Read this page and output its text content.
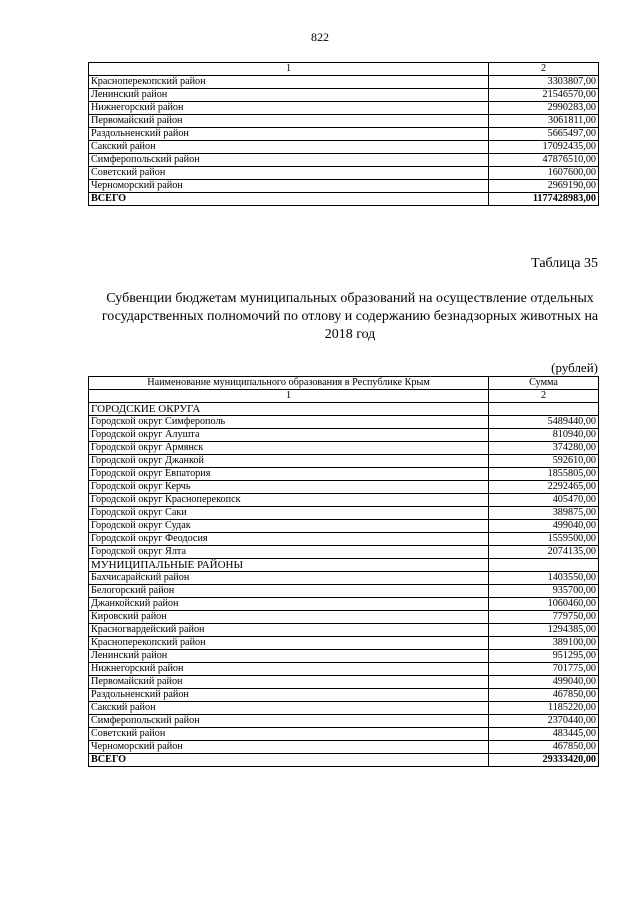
822
1	2
Красноперекопский район	3303807,00
Ленинский район	21546570,00
Нижнегорский район	2990283,00
Первомайский район	3061811,00
Раздольненский район	5665497,00
Сакский район	17092435,00
Симферопольский район	47876510,00
Советский район	1607600,00
Черноморский район	2969190,00
ВСЕГО	1177428983,00
Таблица 35
Субвенции бюджетам муниципальных образований на осуществление отдельных государственных полномочий по отлову и содержанию безнадзорных животных на 2018 год
(рублей)
Наименование муниципального образования в Республике Крым	Сумма
1	2
ГОРОДСКИЕ ОКРУГА	
Городской округ Симферополь	5489440,00
Городской округ Алушта	810940,00
Городской округ Армянск	374280,00
Городской округ Джанкой	592610,00
Городской округ Евпатория	1855805,00
Городской округ Керчь	2292465,00
Городской округ Красноперекопск	405470,00
Городской округ Саки	389875,00
Городской округ Судак	499040,00
Городской округ Феодосия	1559500,00
Городской округ Ялта	2074135,00
МУНИЦИПАЛЬНЫЕ РАЙОНЫ	
Бахчисарайский район	1403550,00
Белогорский район	935700,00
Джанкойский район	1060460,00
Кировский район	779750,00
Красногвардейский район	1294385,00
Красноперекопский район	389100,00
Ленинский район	951295,00
Нижнегорский район	701775,00
Первомайский район	499040,00
Раздольненский район	467850,00
Сакский район	1185220,00
Симферопольский район	2370440,00
Советский район	483445,00
Черноморский район	467850,00
ВСЕГО	29333420,00
